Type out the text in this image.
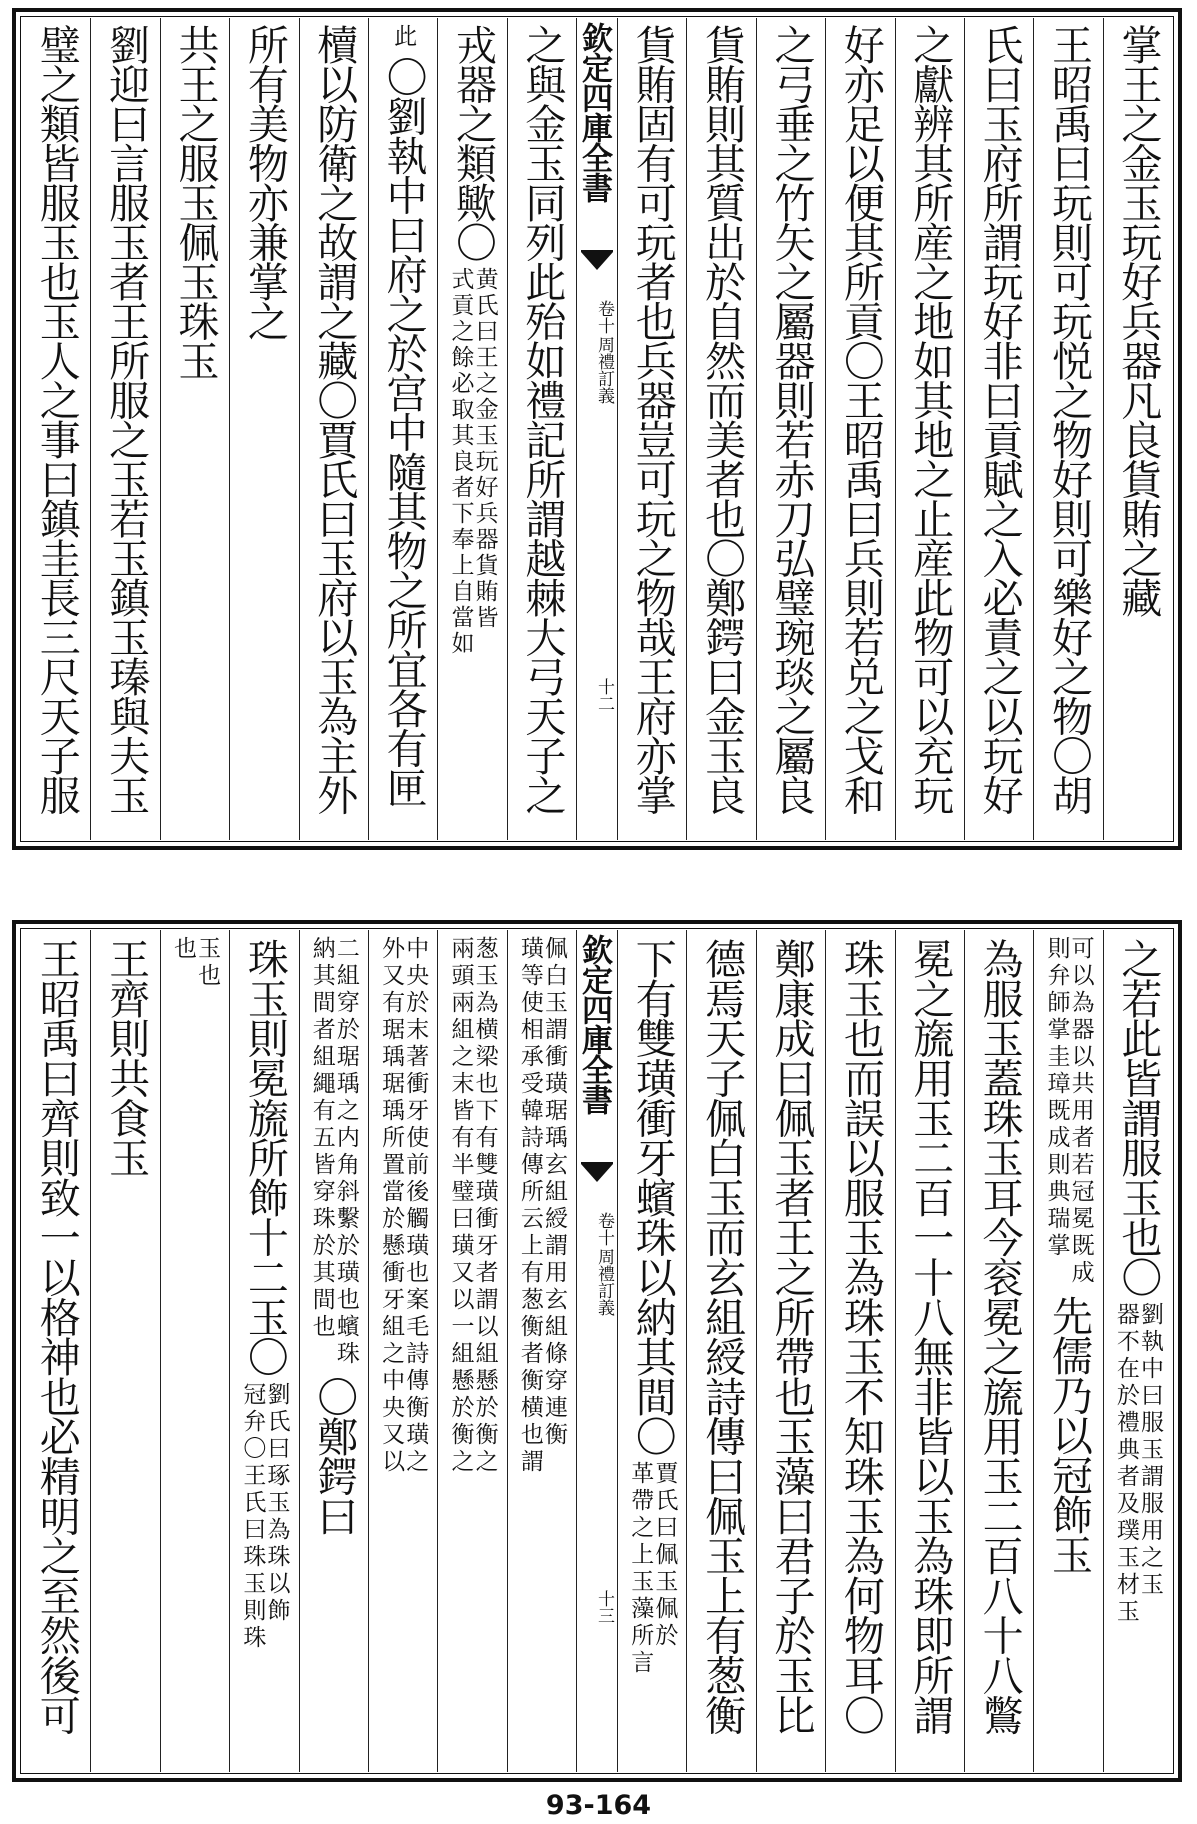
掌王之金玉玩好兵器凡良貨賄之藏
王昭禹曰玩則可玩悦之物好則可樂好之物〇胡
氏曰玉府所謂玩好非曰貢賦之入必責之以玩好
之獻辨其所産之地如其地之止産此物可以充玩
好亦足以便其所貢〇王昭禹曰兵則若兑之戈和
之弓垂之竹矢之屬器則若赤刀弘璧琬琰之屬良
貨賄則其質出於自然而美者也〇鄭鍔曰金玉良
貨賄固有可玩者也兵器豈可玩之物哉王府亦掌
欽定四庫全書
周禮訂義
卷十
十二
之與金玉同列此殆如禮記所謂越棘大弓天子之
戎器之類歟〇
黄氏曰王之金玉玩好兵器貨賄皆
式貢之餘必取其良者下奉上自當如
此
〇劉執中曰府之於宫中隨其物之所宜各有匣
櫝以防衛之故謂之藏〇賈氏曰玉府以玉為主外
所有美物亦兼掌之
共王之服玉佩玉珠玉
劉迎曰言服玉者王所服之玉若玉鎮玉瑧與夫玉
璧之類皆服玉也玉人之事曰鎮圭長三尺天子服
之若此皆謂服玉也〇
劉執中曰服玉謂服用之玉
器不在於禮典者及璞玉材玉
可以為器以共用者若冠冕既成
則弁師掌圭璋既成則典瑞掌
先儒乃以冠飾玉
為服玉蓋珠玉耳今衮冕之旒用玉二百八十八鷩
冕之旒用玉二百一十八無非皆以玉為珠即所謂
珠玉也而誤以服玉為珠玉不知珠玉為何物耳〇
鄭康成曰佩玉者王之所帶也玉藻曰君子於玉比
德焉天子佩白玉而玄組綬詩傳曰佩玉上有葱衡
下有雙璜衝牙蠙珠以納其間〇
賈氏曰佩玉佩於
革帶之上玉藻所言
欽定四庫全書
周禮訂義
卷十
十三
佩白玉謂衝璜琚瑀玄組綬謂用玄組條穿連衡
璜等使相承受韓詩傳所云上有葱衡者衡横也謂
葱玉為横梁也下有雙璜衝牙者謂以組懸於衡之
兩頭兩組之末皆有半璧曰璜又以一組懸於衡之
中央於末著衝牙使前後觸璜也案毛詩傳衡璜之
外又有琚瑀琚瑀所置當於懸衝牙組之中央又以
二組穿於琚瑀之内角斜繫於璜也蠙珠
納其間者組繩有五皆穿珠於其間也
〇鄭鍔曰
珠玉則冕旒所飾十二玉〇
劉氏曰琢玉為珠以飾
冠弁〇王氏曰珠玉則珠
玉也
也
王齊則共食玉
王昭禹曰齊則致一以格神也必精明之至然後可
93-164
